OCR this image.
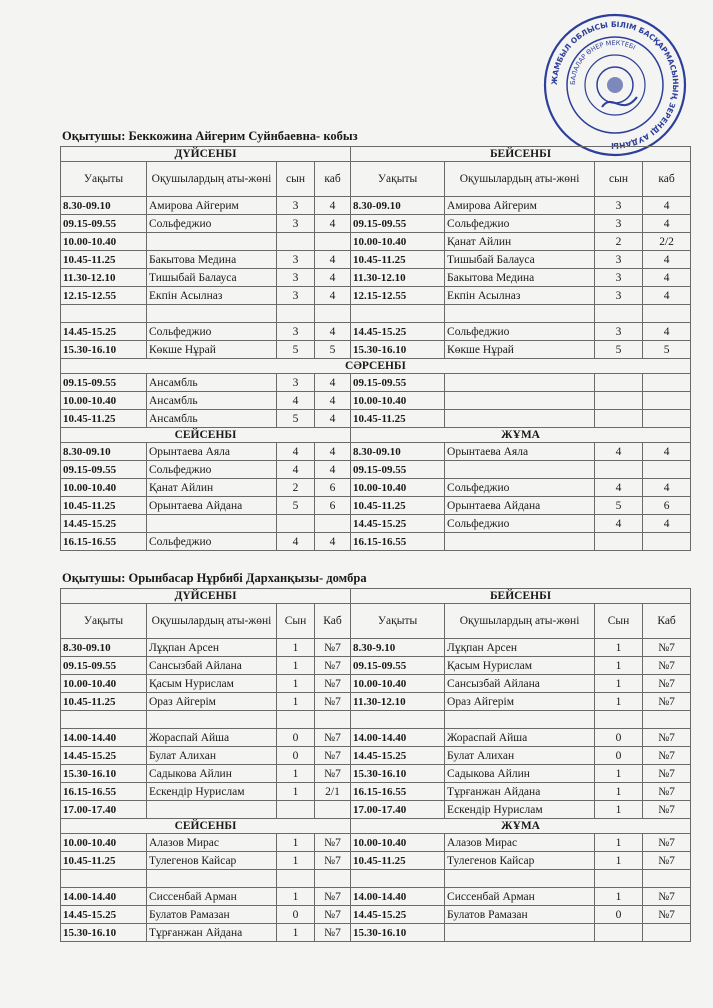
ЖАМБЫЛ ОБЛЫСЫ БІЛІМ БАСҚАРМАСЫНЫҢ ЗЕРЕНДІ АУДАНЫ
БАЛАЛАР ӨНЕР МЕКТЕБІ
Оқытушы: Беккожина Айгерим Суйнбаевна- кобыз
ДҮЙСЕНБІ				БЕЙСЕНБІ			
Уақыты	Оқушылардың аты-жөні	сын	каб	Уақыты	Оқушылардың аты-жөні	сын	каб
8.30-09.10	Амирова Айгерим	3	4	8.30-09.10	Амирова Айгерим	3	4
09.15-09.55	Сольфеджио	3	4	09.15-09.55	Сольфеджио	3	4
10.00-10.40				10.00-10.40	Қанат Айлин	2	2/2
10.45-11.25	Бакытова Медина	3	4	10.45-11.25	Тишыбай Балауса	3	4
11.30-12.10	Тишыбай Балауса	3	4	11.30-12.10	Бакытова Медина	3	4
12.15-12.55	Екпін Асылназ	3	4	12.15-12.55	Екпін Асылназ	3	4

14.45-15.25	Сольфеджио	3	4	14.45-15.25	Сольфеджио	3	4
15.30-16.10	Көкше Нұрай	5	5	15.30-16.10	Көкше Нұрай	5	5
СӘРСЕНБІ							
09.15-09.55	Ансамбль	3	4	09.15-09.55			
10.00-10.40	Ансамбль	4	4	10.00-10.40			
10.45-11.25	Ансамбль	5	4	10.45-11.25			
СЕЙСЕНБІ				ЖҰМА			
8.30-09.10	Орынтаева Аяла	4	4	8.30-09.10	Орынтаева Аяла	4	4
09.15-09.55	Сольфеджио	4	4	09.15-09.55			
10.00-10.40	Қанат Айлин	2	6	10.00-10.40	Сольфеджио	4	4
10.45-11.25	Орынтаева Айдана	5	6	10.45-11.25	Орынтаева Айдана	5	6
14.45-15.25				14.45-15.25	Сольфеджио	4	4
16.15-16.55	Сольфеджио	4	4	16.15-16.55			
Оқытушы: Орынбасар Нұрбибі Дарханқызы- домбра
ДҮЙСЕНБІ				БЕЙСЕНБІ			
Уақыты	Оқушылардың аты-жөні	Сын	Каб	Уақыты	Оқушылардың аты-жөні	Сын	Каб
8.30-09.10	Лұқпан Арсен	1	№7	8.30-9.10	Лұқпан Арсен	1	№7
09.15-09.55	Сансызбай Айлана	1	№7	09.15-09.55	Қасым Нурислам	1	№7
10.00-10.40	Қасым Нурислам	1	№7	10.00-10.40	Сансызбай Айлана	1	№7
10.45-11.25	Ораз Айгерім	1	№7	11.30-12.10	Ораз Айгерім	1	№7

14.00-14.40	Жораспай Айша	0	№7	14.00-14.40	Жораспай Айша	0	№7
14.45-15.25	Булат Алихан	0	№7	14.45-15.25	Булат Алихан	0	№7
15.30-16.10	Садыкова Айлин	1	№7	15.30-16.10	Садыкова Айлин	1	№7
16.15-16.55	Ескендір Нурислам	1	2/1	16.15-16.55	Тұрғанжан Айдана	1	№7
17.00-17.40				17.00-17.40	Ескендір Нурислам	1	№7
СЕЙСЕНБІ				ЖҰМА			
10.00-10.40	Алазов Мирас	1	№7	10.00-10.40	Алазов Мирас	1	№7
10.45-11.25	Тулегенов Кайсар	1	№7	10.45-11.25	Тулегенов Кайсар	1	№7

14.00-14.40	Сиссенбай Арман	1	№7	14.00-14.40	Сиссенбай Арман	1	№7
14.45-15.25	Булатов Рамазан	0	№7	14.45-15.25	Булатов Рамазан	0	№7
15.30-16.10	Тұрғанжан Айдана	1	№7	15.30-16.10			
